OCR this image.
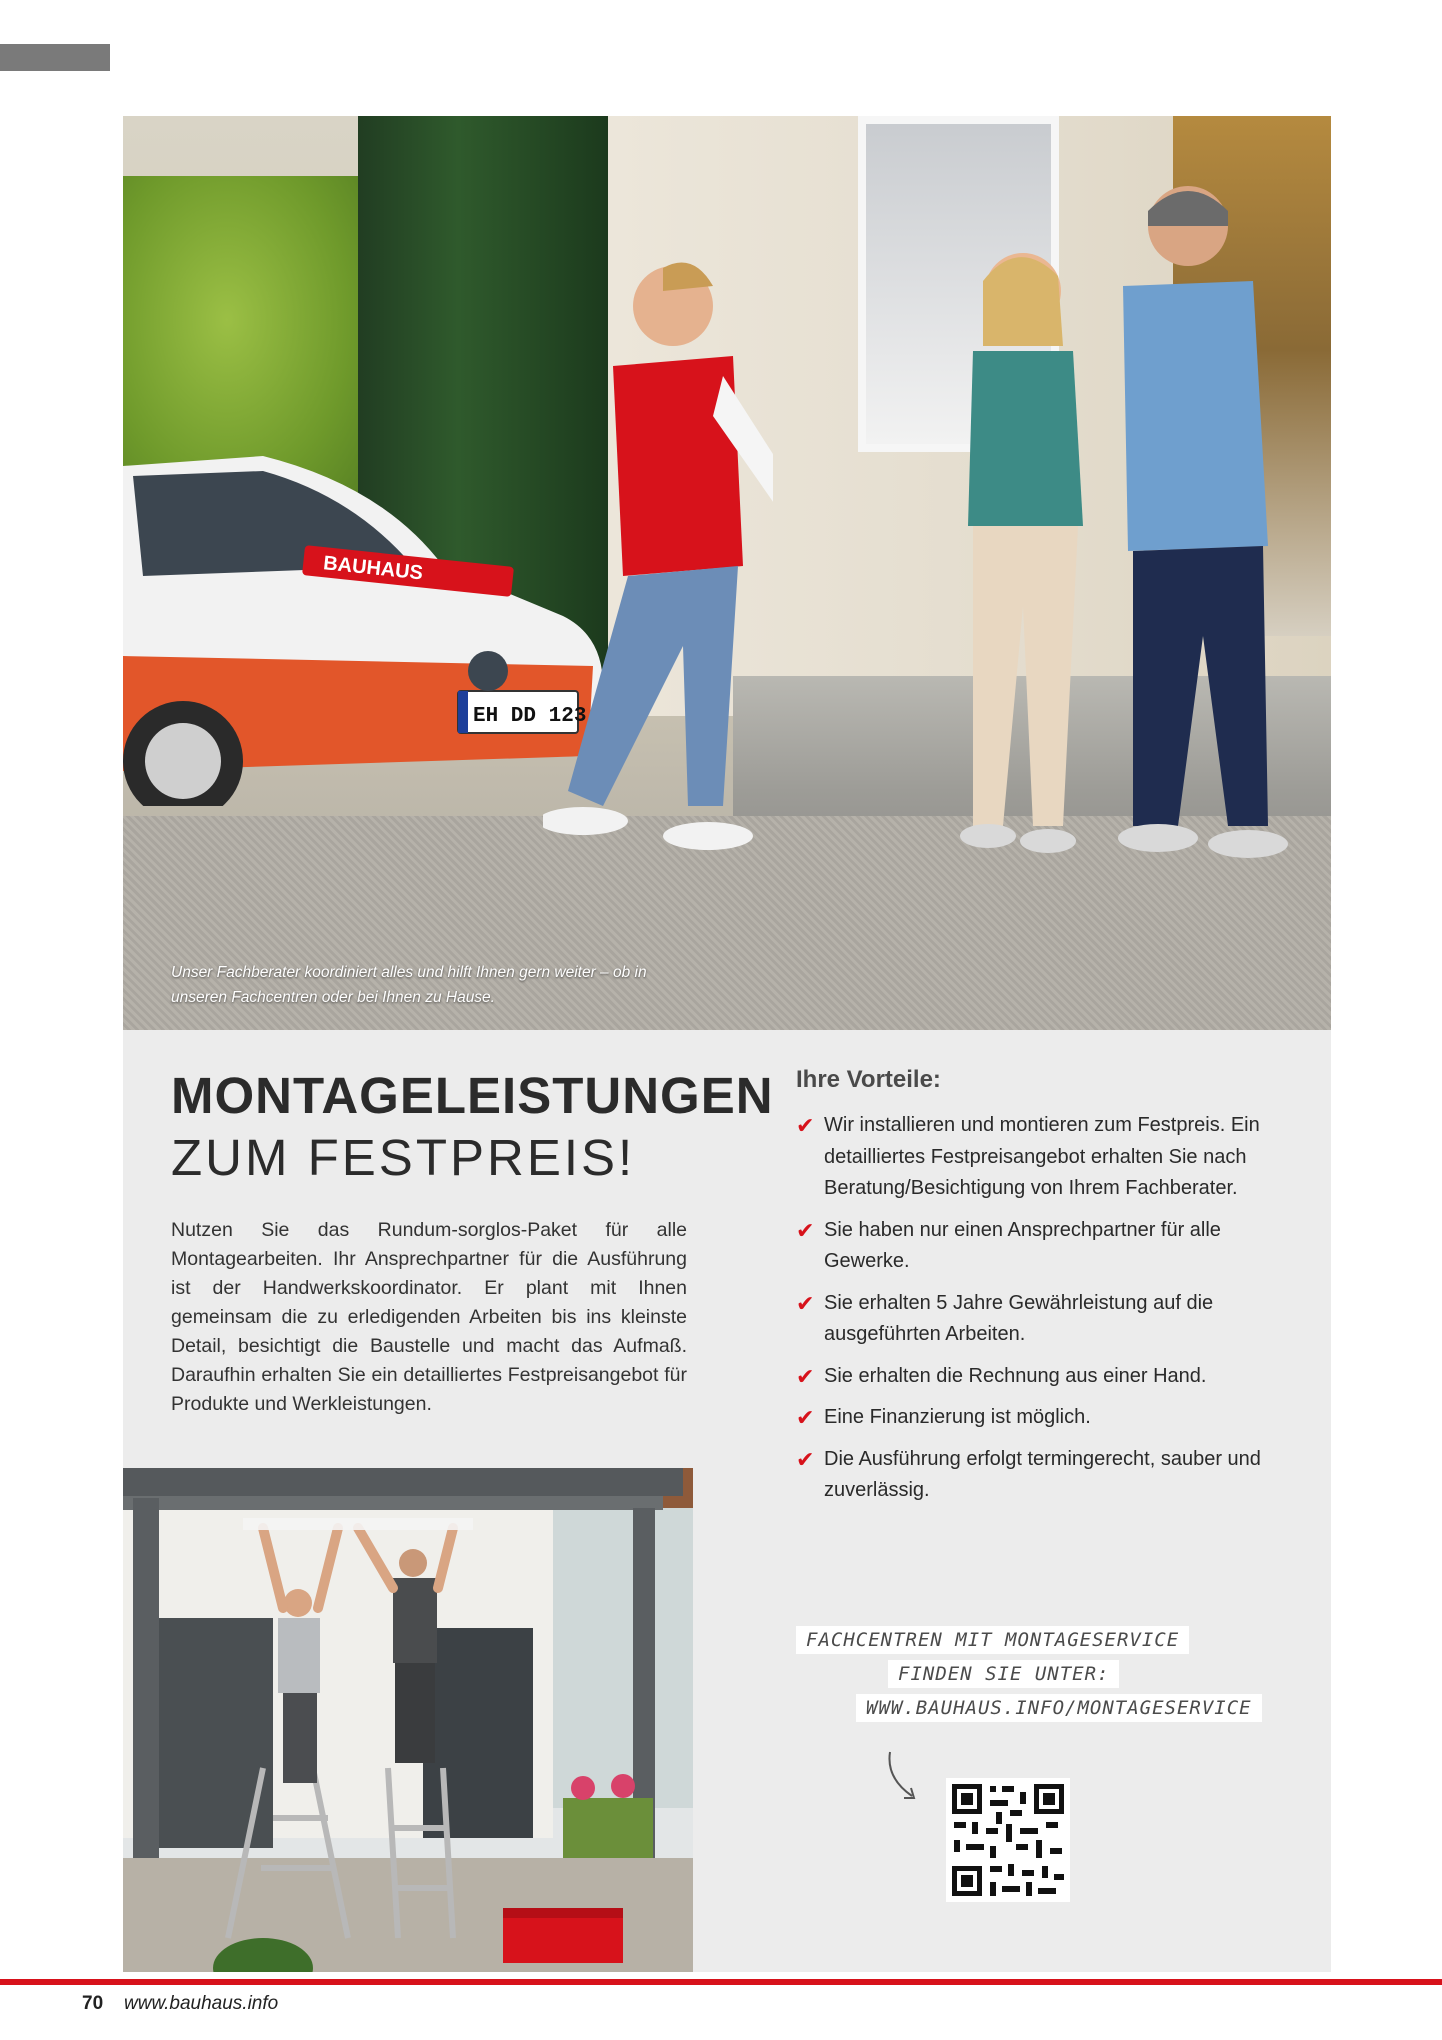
BAUHAUS
EH DD 123
Unser Fachberater koordiniert alles und hilft Ihnen gern weiter – ob in unseren Fachcentren oder bei Ihnen zu Hause.
MONTAGELEISTUNGEN
ZUM FESTPREIS!

Nutzen Sie das Rundum-sorglos-Paket für alle Montagearbeiten. Ihr Ansprechpartner für die Ausführung ist der Handwerkskoordinator. Er plant mit Ihnen gemeinsam die zu erledigenden Arbeiten bis ins kleinste Detail, besichtigt die Baustelle und macht das Aufmaß. Daraufhin erhalten Sie ein detailliertes Festpreisangebot für Produkte und Werkleistungen.

Ihre Vorteile:
✔ Wir installieren und montieren zum Festpreis. Ein detailliertes Festpreisangebot erhalten Sie nach Beratung/Besichtigung von Ihrem Fachberater.
✔ Sie haben nur einen Ansprechpartner für alle Gewerke.
✔ Sie erhalten 5 Jahre Gewährleistung auf die ausgeführten Arbeiten.
✔ Sie erhalten die Rechnung aus einer Hand.
✔ Eine Finanzierung ist möglich.
✔ Die Ausführung erfolgt termingerecht, sauber und zuverlässig.
FACHCENTREN MIT MONTAGESERVICE
FINDEN SIE UNTER:
WWW.BAUHAUS.INFO/MONTAGESERVICE
70 www.bauhaus.info
